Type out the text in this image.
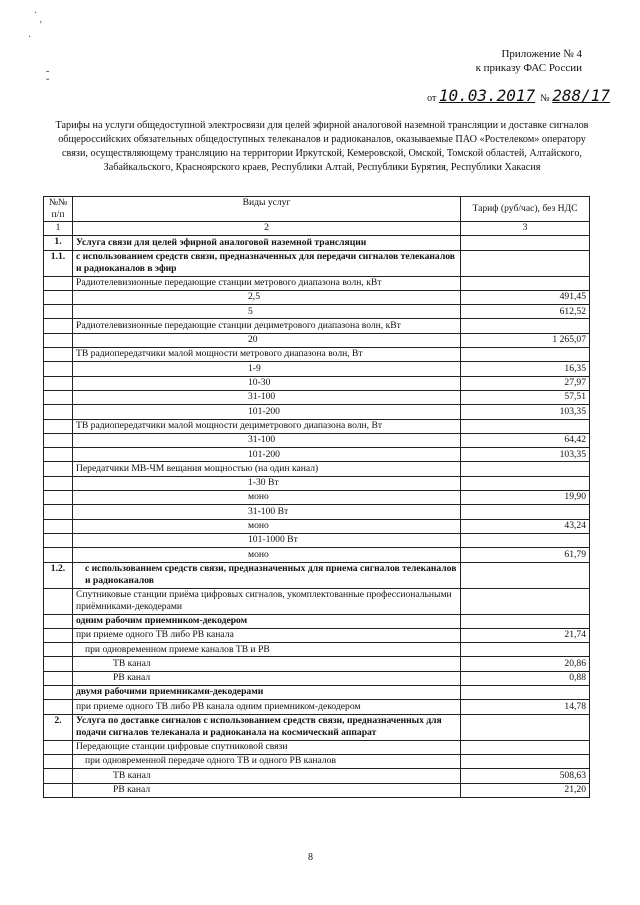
·
'
·
-
ˇ
Приложение № 4
к приказу ФАС России
от 10.03.2017 № 288/17
Тарифы на услуги общедоступной электросвязи для целей эфирной аналоговой наземной трансляции и доставке сигналов общероссийских обязательных общедоступных телеканалов и радиоканалов, оказываемые ПАО «Ростелеком» оператору связи, осуществляющему трансляцию на территории Иркутской, Кемеровской, Омской, Томской областей, Алтайского, Забайкальского, Красноярского краев, Республики Алтай, Республики Бурятия, Республики Хакасия
№№ п/п	Виды услуг	Тариф (руб/час), без НДС
1	2	3
1.	Услуга связи для целей эфирной аналоговой наземной трансляции	
1.1.	с использованием средств связи, предназначенных для передачи сигналов телеканалов и радиоканалов в эфир	
	Радиотелевизионные передающие станции метрового диапазона волн, кВт	
	2,5	491,45
	5	612,52
	Радиотелевизионные передающие станции дециметрового диапазона волн, кВт	
	20	1 265,07
	ТВ радиопередатчики малой мощности метрового диапазона волн, Вт	
	1-9	16,35
	10-30	27,97
	31-100	57,51
	101-200	103,35
	ТВ радиопередатчики малой мощности дециметрового диапазона волн, Вт	
	31-100	64,42
	101-200	103,35
	Передатчики МВ-ЧМ вещания мощностью (на один канал)	
	1-30 Вт	
	моно	19,90
	31-100 Вт	
	моно	43,24
	101-1000 Вт	
	моно	61,79
1.2.	с использованием средств связи, предназначенных для приема сигналов телеканалов и радиоканалов	
	Спутниковые станции приёма цифровых сигналов, укомплектованные профессиональными приёмниками-декодерами	
	одним рабочим приемником-декодером	
	при приеме одного ТВ либо РВ канала	21,74
	при одновременном приеме каналов ТВ и РВ	
	ТВ канал	20,86
	РВ канал	0,88
	двумя рабочими приемниками-декодерами	
	при приеме одного ТВ либо РВ канала одним приемником-декодером	14,78
2.	Услуга по доставке сигналов с использованием средств связи, предназначенных для подачи сигналов телеканала и радиоканала на космический аппарат	
	Передающие станции цифровые спутниковой связи	
	при одновременной передаче одного ТВ и одного РВ каналов	
	ТВ канал	508,63
	РВ канал	21,20
8
